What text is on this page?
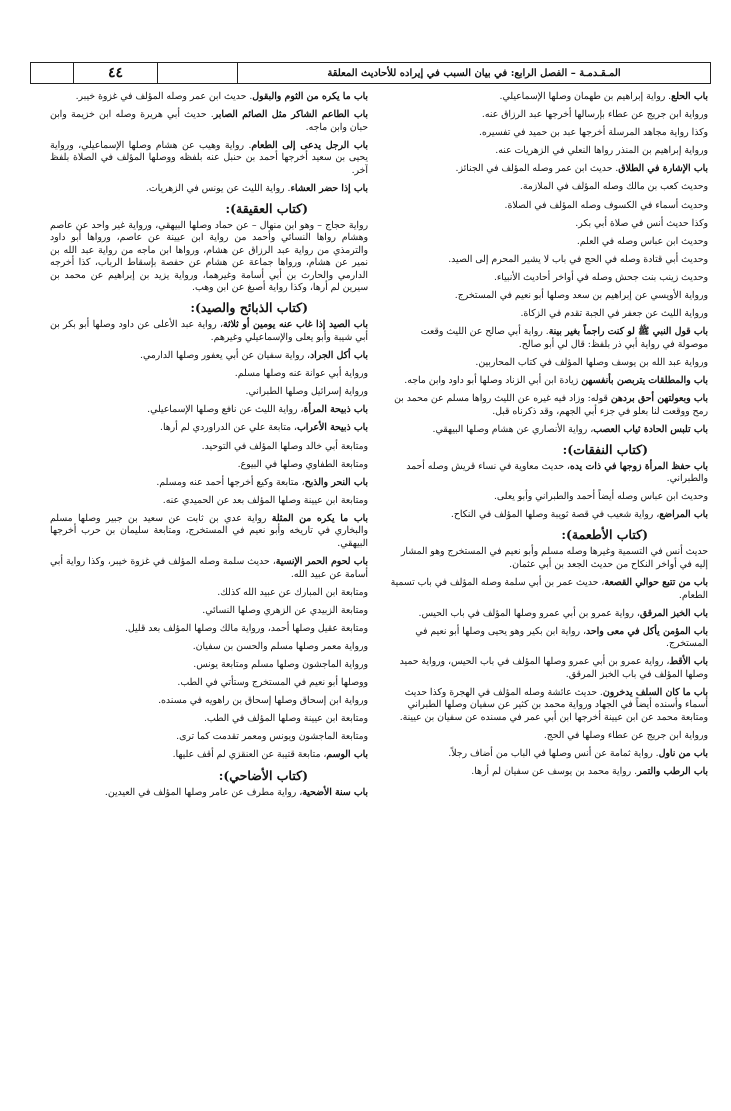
٤٤	المـقـدمـة – الفصل الرابع: في بيان السبب في إيراده للأحاديث المعلقة

باب الحلع. رواية إبراهيم بن طهمان وصلها الإسماعيلي.

ورواية ابن جريج عن عطاء بإرسالها أخرجها عبد الرزاق عنه.

وكذا رواية مجاهد المرسلة أخرجها عبد بن حميد في تفسيره.

ورواية إبراهيم بن المنذر رواها النعلي في الزهريات عنه.

باب الإشارة في الطلاق. حديث ابن عمر وصله المؤلف في الجنائز.

وحديث كعب بن مالك وصله المؤلف في الملازمة.

وحديث أسماء في الكسوف وصله المؤلف في الصلاة.

وكذا حديث أنس في صلاة أبي بكر.

وحديث ابن عباس وصله في العلم.

وحديث أبي قتادة وصله في الحج في باب لا يشير المحرم إلى الصيد.

وحديث زينب بنت جحش وصله في أواخر أحاديث الأنبياء.

ورواية الأويسي عن إبراهيم بن سعد وصلها أبو نعيم في المستخرج.

ورواية الليث عن جعفر في الجبة تقدم في الزكاة.

باب قول النبي ﷺ لو كنت راجماً بغير بينة. رواية أبي صالح عن الليث وقعت موصولة في رواية أبي ذر بلفظ: قال لي أبو صالح.

ورواية عبد الله بن يوسف وصلها المؤلف في كتاب المحاربين.

باب والمطلقات يتربصن بأنفسهن زيادة ابن أبي الزناد وصلها أبو داود وابن ماجه.

باب وبعولتهن أحق بردهن قوله: وزاد فيه غيره عن الليث رواها مسلم عن محمد بن رمح ووقعت لنا بعلو في جزء أبي الجهم، وقد ذكرناه قبل.

باب تلبس الحادة ثياب العصب، رواية الأنصاري عن هشام وصلها البيهقي.

(كتاب النفقات):

باب حفظ المرأة زوجها في ذات يده، حديث معاوية في نساء قريش وصله أحمد والطبراني.

وحديث ابن عباس وصله أيضاً أحمد والطبراني وأبو يعلى.

باب المراضع، رواية شعيب في قصة ثويبة وصلها المؤلف في النكاح.

(كتاب الأطعمة):

حديث أنس في التسمية وغيرها وصله مسلم وأبو نعيم في المستخرج وهو المشار إليه في أواخر النكاح من حديث الجعد بن أبي عثمان.

باب من تتبع حوالي القصعة، حديث عمر بن أبي سلمة وصله المؤلف في باب تسمية الطعام.

باب الخبز المرقق، رواية عمرو بن أبي عمرو وصلها المؤلف في باب الحيس.

باب المؤمن يأكل في معى واحد، رواية ابن بكير وهو يحيى وصلها أبو نعيم في المستخرج.

باب الأقط، رواية عمرو بن أبي عمرو وصلها المؤلف في باب الحيس، ورواية حميد وصلها المؤلف في باب الخبز المرقق.

باب ما كان السلف يدخرون. حديث عائشة وصله المؤلف في الهجرة وكذا حديث أسماء وأسنده أيضاً في الجهاد ورواية محمد بن كثير عن سفيان وصلها الطبراني ومتابعة محمد عن ابن عيينة أخرجها ابن أبي عمر في مسنده عن سفيان بن عيينة.

ورواية ابن جريج عن عطاء وصلها في الحج.

باب من ناول. رواية ثمامة عن أنس وصلها في الباب من أضاف رجلاً.

باب الرطب والتمر. رواية محمد بن يوسف عن سفيان لم أرها.

باب ما يكره من الثوم والبقول. حديث ابن عمر وصله المؤلف في غزوة خيبر.

باب الطاعم الشاكر مثل الصائم الصابر. حديث أبي هريرة وصله ابن خزيمة وابن حبان وابن ماجه.

باب الرجل يدعى إلى الطعام. رواية وهيب عن هشام وصلها الإسماعيلي، ورواية يحيى بن سعيد أخرجها أحمد بن حنبل عنه بلفظه ووصلها المؤلف في الصلاة بلفظ آخر.

باب إذا حضر العشاء. رواية الليث عن يونس في الزهريات.

(كتاب العقيقة):

رواية حجاج – وهو ابن منهال – عن حماد وصلها البيهقي، ورواية غير واحد عن عاصم وهشام رواها النسائي وأحمد من رواية ابن عيينة عن عاصم، ورواها أبو داود والترمذي من رواية عبد الرزاق عن هشام، ورواها ابن ماجه من رواية عبد الله بن نمير عن هشام، ورواها جماعة عن هشام عن حفصة بإسقاط الرباب، كذا أخرجه الدارمي والحارث بن أبي أسامة وغيرهما، ورواية يزيد بن إبراهيم عن محمد بن سيرين لم أرها، وكذا رواية أصبغ عن ابن وهب.

(كتاب الذبائح والصيد):

باب الصيد إذا غاب عنه يومين أو ثلاثة، رواية عبد الأعلى عن داود وصلها أبو بكر بن أبي شيبة وأبو يعلى والإسماعيلي وغيرهم.

باب أكل الجراد، رواية سفيان عن أبي يعفور وصلها الدارمي.

ورواية أبي عوانة عنه وصلها مسلم.

ورواية إسرائيل وصلها الطبراني.

باب ذبيحة المرأة، رواية الليث عن نافع وصلها الإسماعيلي.

باب ذبيحة الأعراب، متابعة علي عن الدراوردي لم أرها.

ومتابعة أبي خالد وصلها المؤلف في التوحيد.

ومتابعة الطفاوي وصلها في البيوع.

باب النحر والذبح، متابعة وكيع أخرجها أحمد عنه ومسلم.

ومتابعة ابن عيينة وصلها المؤلف بعد عن الحميدي عنه.

باب ما يكره من المثلة رواية عدي بن ثابت عن سعيد بن جبير وصلها مسلم والبخاري في تاريخه وأبو نعيم في المستخرج، ومتابعة سليمان بن حرب أخرجها البيهقي.

باب لحوم الحمر الإنسية، حديث سلمة وصله المؤلف في غزوة خيبر، وكذا رواية أبي أسامة عن عبيد الله.

ومتابعة ابن المبارك عن عبيد الله كذلك.

ومتابعة الزبيدي عن الزهري وصلها النسائي.

ومتابعة عقيل وصلها أحمد، ورواية مالك وصلها المؤلف بعد قليل.

ورواية معمر وصلها مسلم والحسن بن سفيان.

ورواية الماجشون وصلها مسلم ومتابعة يونس.

ووصلها أبو نعيم في المستخرج وستأتي في الطب.

ورواية ابن إسحاق وصلها إسحاق بن راهويه في مسنده.

ومتابعة ابن عيينة وصلها المؤلف في الطب.

ومتابعة الماجشون ويونس ومعمر تقدمت كما ترى.

باب الوسم، متابعة قتيبة عن العنقزي لم أقف عليها.

(كتاب الأضاحي):

باب سنة الأضحية، رواية مطرف عن عامر وصلها المؤلف في العيدين.
